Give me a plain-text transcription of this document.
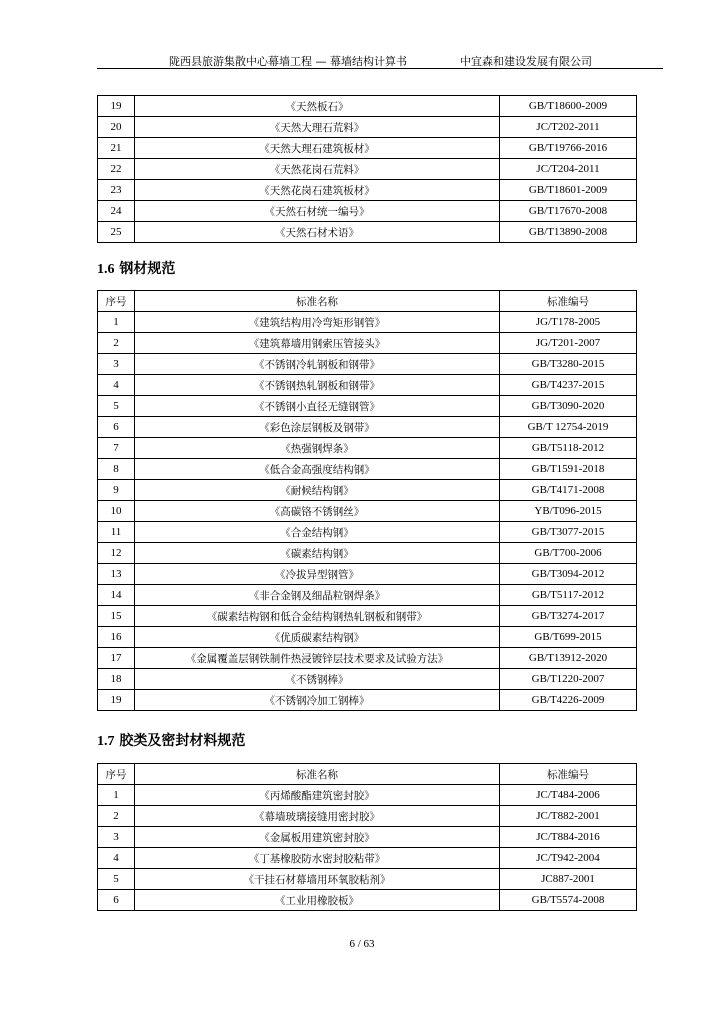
陇西县旅游集散中心幕墙工程 — 幕墙结构计算书	中宜森和建设发展有限公司
19	《天然板石》	GB/T18600-2009
20	《天然大理石荒料》	JC/T202-2011
21	《天然大理石建筑板材》	GB/T19766-2016
22	《天然花岗石荒料》	JC/T204-2011
23	《天然花岗石建筑板材》	GB/T18601-2009
24	《天然石材统一编号》	GB/T17670-2008
25	《天然石材术语》	GB/T13890-2008
1.6 钢材规范
序号	标准名称	标准编号
1	《建筑结构用冷弯矩形钢管》	JG/T178-2005
2	《建筑幕墙用钢索压管接头》	JG/T201-2007
3	《不锈钢冷轧钢板和钢带》	GB/T3280-2015
4	《不锈钢热轧钢板和钢带》	GB/T4237-2015
5	《不锈钢小直径无缝钢管》	GB/T3090-2020
6	《彩色涂层钢板及钢带》	GB/T 12754-2019
7	《热强钢焊条》	GB/T5118-2012
8	《低合金高强度结构钢》	GB/T1591-2018
9	《耐候结构钢》	GB/T4171-2008
10	《高碳铬不锈钢丝》	YB/T096-2015
11	《合金结构钢》	GB/T3077-2015
12	《碳素结构钢》	GB/T700-2006
13	《冷拔异型钢管》	GB/T3094-2012
14	《非合金钢及细晶粒钢焊条》	GB/T5117-2012
15	《碳素结构钢和低合金结构钢热轧钢板和钢带》	GB/T3274-2017
16	《优质碳素结构钢》	GB/T699-2015
17	《金属覆盖层钢铁制件热浸镀锌层技术要求及试验方法》	GB/T13912-2020
18	《不锈钢棒》	GB/T1220-2007
19	《不锈钢冷加工钢棒》	GB/T4226-2009
1.7 胶类及密封材料规范
序号	标准名称	标准编号
1	《丙烯酸酯建筑密封胶》	JC/T484-2006
2	《幕墙玻璃接缝用密封胶》	JC/T882-2001
3	《金属板用建筑密封胶》	JC/T884-2016
4	《丁基橡胶防水密封胶粘带》	JC/T942-2004
5	《干挂石材幕墙用环氧胶粘剂》	JC887-2001
6	《工业用橡胶板》	GB/T5574-2008
6 / 63
